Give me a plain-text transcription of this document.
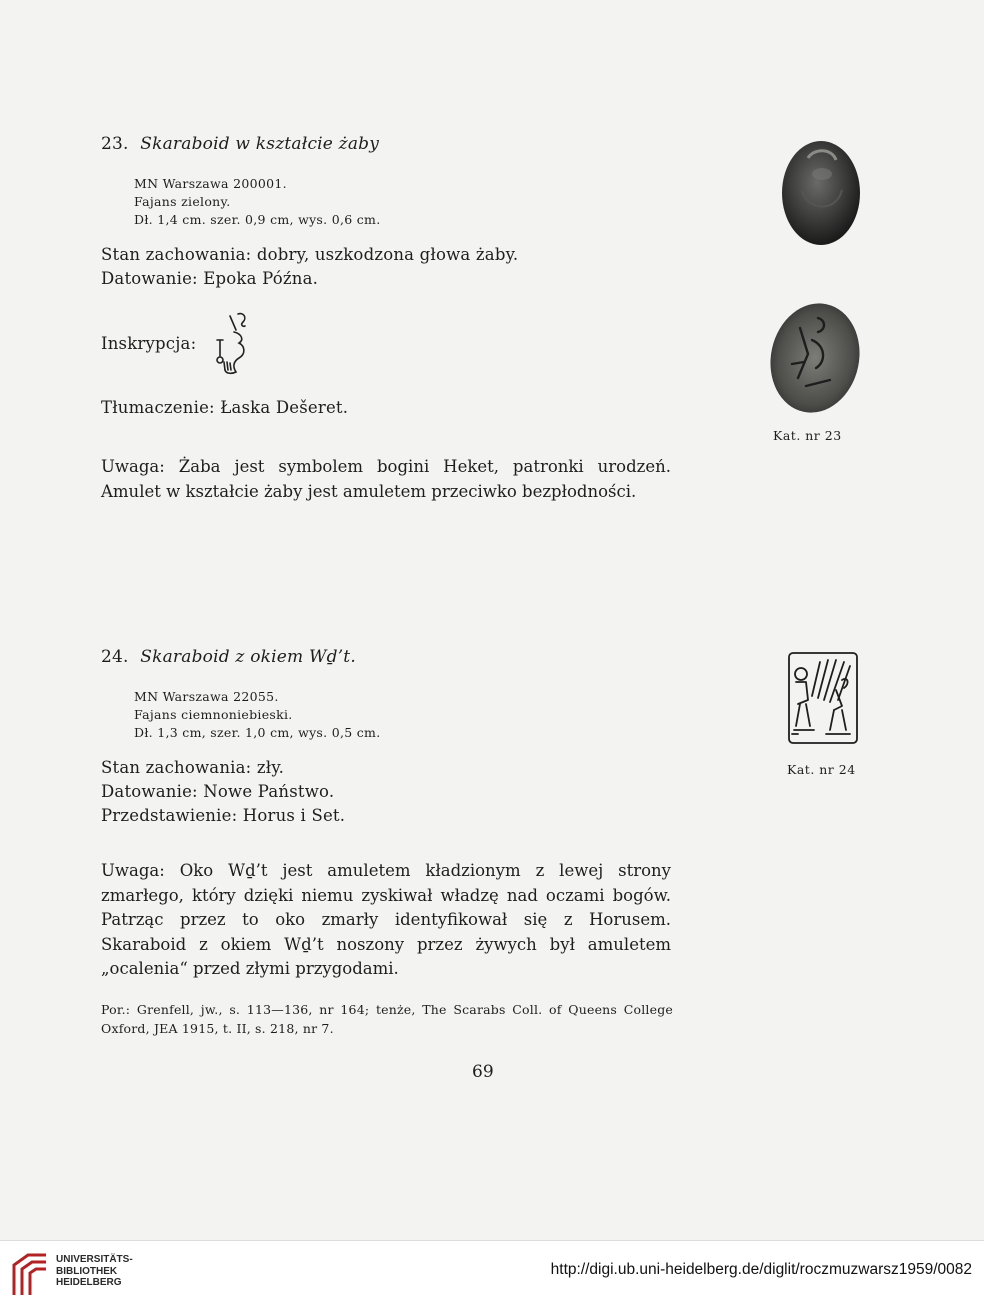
23. Skaraboid w kształcie żaby
MN Warszawa 200001.
Fajans zielony.
Dł. 1,4 cm. szer. 0,9 cm, wys. 0,6 cm.
Stan zachowania: dobry, uszkodzona głowa żaby.
Datowanie: Epoka Późna.
Inskrypcja:
Tłumaczenie: Łaska Dešeret.
Uwaga: Żaba jest symbolem bogini Heket, patronki urodzeń. Amulet w kształcie żaby jest amuletem przeciwko bezpłodności.
Kat. nr 23
24. Skaraboid z okiem Wḏ’t.
MN Warszawa 22055.
Fajans ciemnoniebieski.
Dł. 1,3 cm, szer. 1,0 cm, wys. 0,5 cm.
Stan zachowania: zły.
Datowanie: Nowe Państwo.
Przedstawienie: Horus i Set.
Uwaga: Oko Wḏ’t jest amuletem kładzionym z lewej strony zmarłego, który dzięki niemu zyskiwał władzę nad oczami bogów. Patrząc przez to oko zmarły identyfikował się z Horusem. Skaraboid z okiem Wḏ’t noszony przez żywych był amuletem „ocalenia“ przed złymi przygodami.
Por.: Grenfell, jw., s. 113—136, nr 164; tenże, The Scarabs Coll. of Queens College Oxford, JEA 1915, t. II, s. 218, nr 7.
Kat. nr 24
69
UNIVERSITÄTS-
BIBLIOTHEK
HEIDELBERG
http://digi.ub.uni-heidelberg.de/diglit/roczmuzwarsz1959/0082
